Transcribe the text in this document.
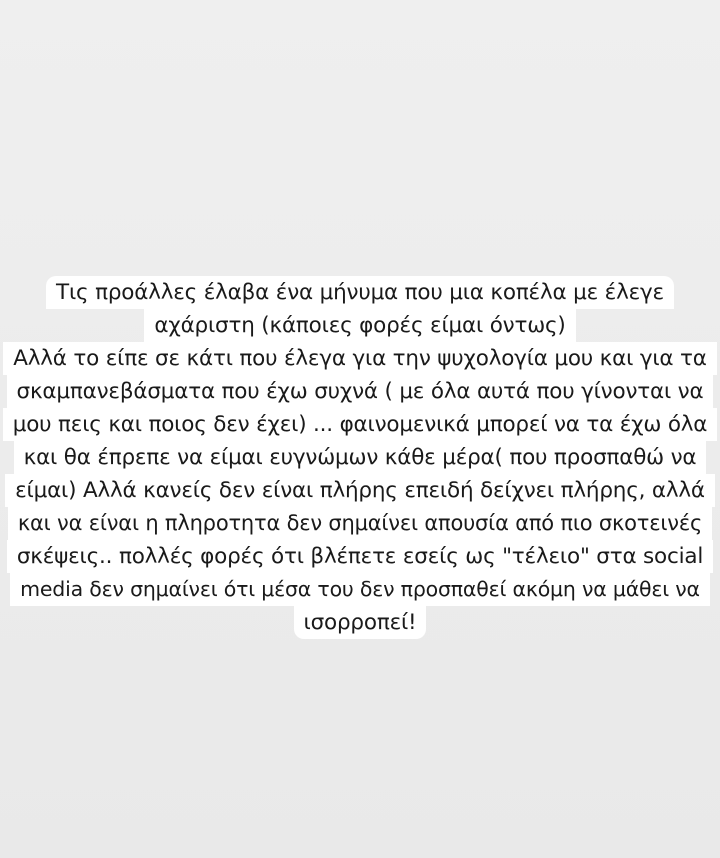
Τις προάλλες έλαβα ένα μήνυμα που μια κοπέλα με έλεγε
αχάριστη (κάποιες φορές είμαι όντως)
Αλλά το είπε σε κάτι που έλεγα για την ψυχολογία μου και για τα
σκαμπανεβάσματα που έχω συχνά ( με όλα αυτά που γίνονται να
μου πεις και ποιος δεν έχει) ... φαινομενικά μπορεί να τα έχω όλα
και θα έπρεπε να είμαι ευγνώμων κάθε μέρα( που προσπαθώ να
είμαι) Αλλά κανείς δεν είναι πλήρης επειδή δείχνει πλήρης, αλλά
και να είναι η πληροτητα δεν σημαίνει απουσία από πιο σκοτεινές
σκέψεις.. πολλές φορές ότι βλέπετε εσείς ως "τέλειο" στα social
media δεν σημαίνει ότι μέσα του δεν προσπαθεί ακόμη να μάθει να
ισορροπεί!
